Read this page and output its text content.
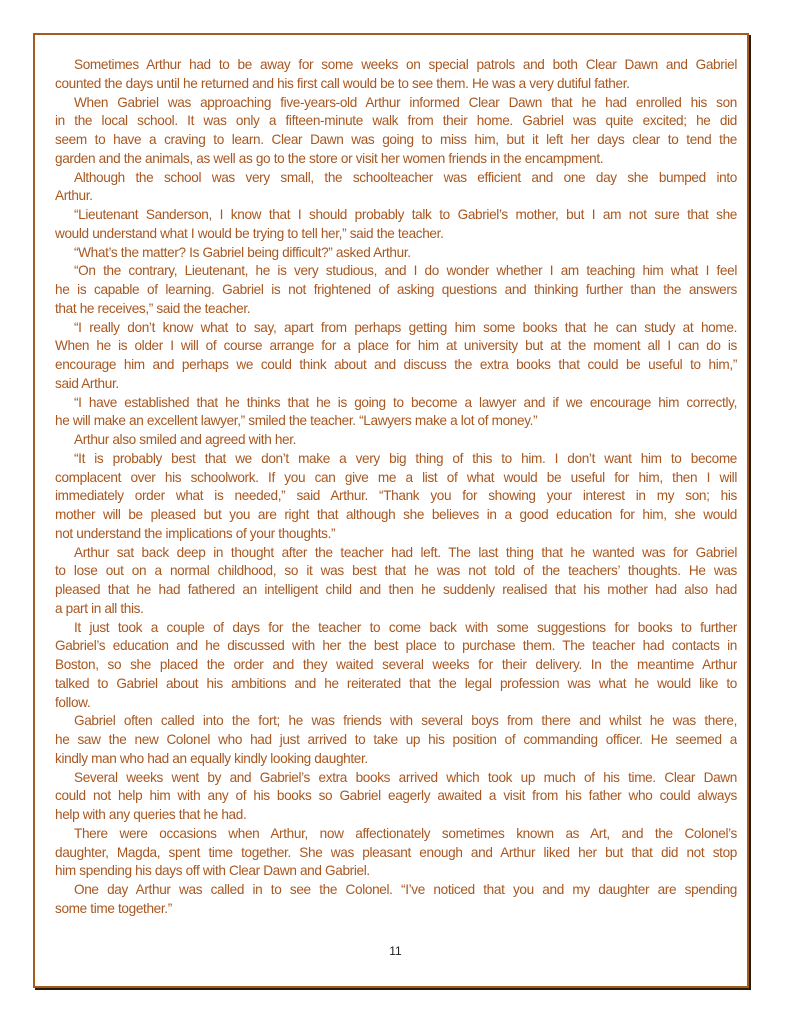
Sometimes Arthur had to be away for some weeks on special patrols and both Clear Dawn and Gabriel
counted the days until he returned and his first call would be to see them. He was a very dutiful father.
When Gabriel was approaching five-years-old Arthur informed Clear Dawn that he had enrolled his son
in the local school. It was only a fifteen-minute walk from their home. Gabriel was quite excited; he did
seem to have a craving to learn. Clear Dawn was going to miss him, but it left her days clear to tend the
garden and the animals, as well as go to the store or visit her women friends in the encampment.
Although the school was very small, the schoolteacher was efficient and one day she bumped into
Arthur.
“Lieutenant Sanderson, I know that I should probably talk to Gabriel’s mother, but I am not sure that she
would understand what I would be trying to tell her,” said the teacher.
“What’s the matter? Is Gabriel being difficult?” asked Arthur.
“On the contrary, Lieutenant, he is very studious, and I do wonder whether I am teaching him what I feel
he is capable of learning. Gabriel is not frightened of asking questions and thinking further than the answers
that he receives,” said the teacher.
“I really don’t know what to say, apart from perhaps getting him some books that he can study at home.
When he is older I will of course arrange for a place for him at university but at the moment all I can do is
encourage him and perhaps we could think about and discuss the extra books that could be useful to him,”
said Arthur.
“I have established that he thinks that he is going to become a lawyer and if we encourage him correctly,
he will make an excellent lawyer,” smiled the teacher. “Lawyers make a lot of money.”
Arthur also smiled and agreed with her.
“It is probably best that we don’t make a very big thing of this to him. I don’t want him to become
complacent over his schoolwork. If you can give me a list of what would be useful for him, then I will
immediately order what is needed,” said Arthur. “Thank you for showing your interest in my son; his
mother will be pleased but you are right that although she believes in a good education for him, she would
not understand the implications of your thoughts.”
Arthur sat back deep in thought after the teacher had left. The last thing that he wanted was for Gabriel
to lose out on a normal childhood, so it was best that he was not told of the teachers’ thoughts. He was
pleased that he had fathered an intelligent child and then he suddenly realised that his mother had also had
a part in all this.
It just took a couple of days for the teacher to come back with some suggestions for books to further
Gabriel’s education and he discussed with her the best place to purchase them. The teacher had contacts in
Boston, so she placed the order and they waited several weeks for their delivery. In the meantime Arthur
talked to Gabriel about his ambitions and he reiterated that the legal profession was what he would like to
follow.
Gabriel often called into the fort; he was friends with several boys from there and whilst he was there,
he saw the new Colonel who had just arrived to take up his position of commanding officer. He seemed a
kindly man who had an equally kindly looking daughter.
Several weeks went by and Gabriel’s extra books arrived which took up much of his time. Clear Dawn
could not help him with any of his books so Gabriel eagerly awaited a visit from his father who could always
help with any queries that he had.
There were occasions when Arthur, now affectionately sometimes known as Art, and the Colonel’s
daughter, Magda, spent time together. She was pleasant enough and Arthur liked her but that did not stop
him spending his days off with Clear Dawn and Gabriel.
One day Arthur was called in to see the Colonel. “I’ve noticed that you and my daughter are spending
some time together.”
11
